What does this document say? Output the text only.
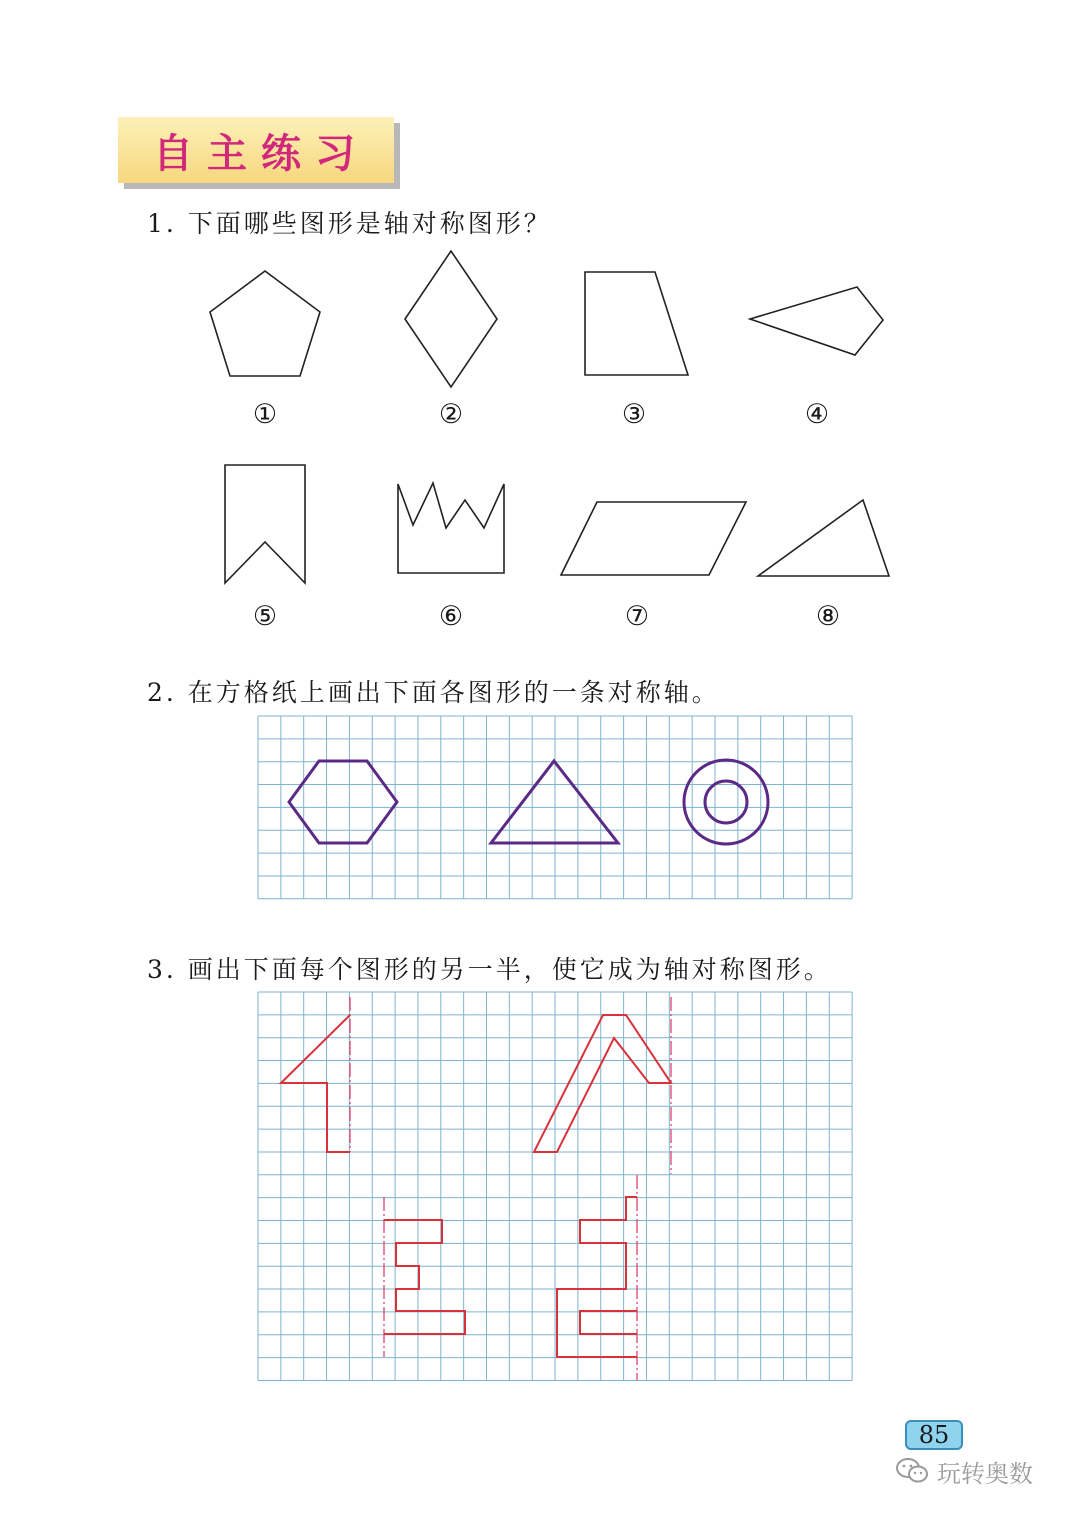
自主练习
1. 下面哪些图形是轴对称图形？
2. 在方格纸上画出下面各图形的一条对称轴。
3. 画出下面每个图形的另一半，使它成为轴对称图形。
①	②	③	④
⑤	⑥	⑦	⑧
85
玩转奥数
